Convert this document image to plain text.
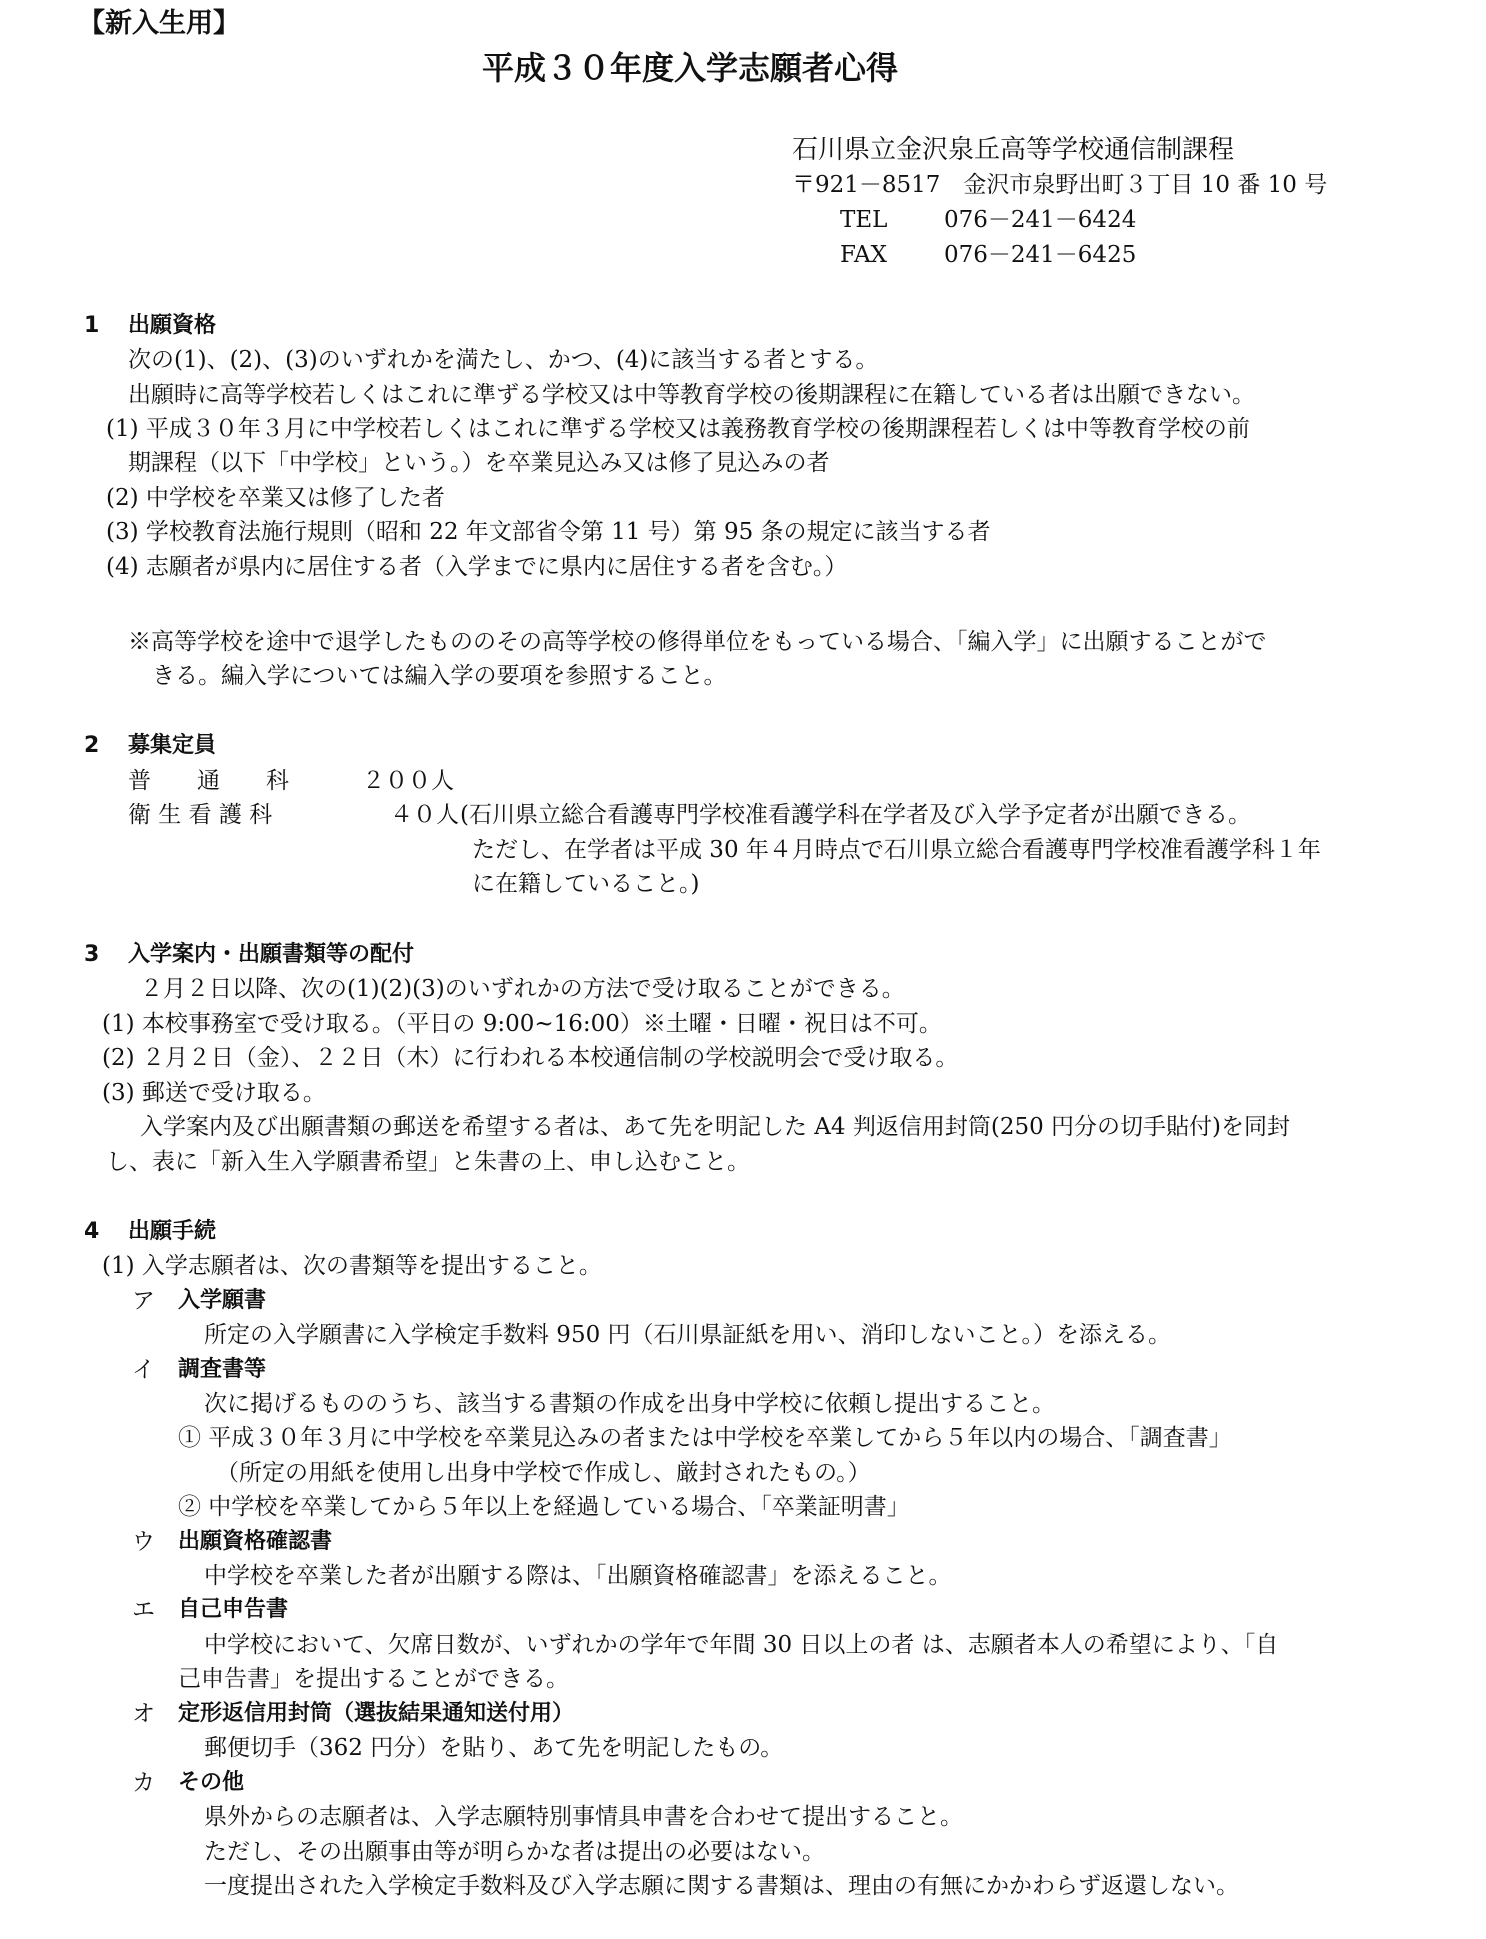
【新入生用】
平成３０年度入学志願者心得
石川県立金沢泉丘高等学校通信制課程
〒921－8517　金沢市泉野出町３丁目 10 番 10 号
TEL 076－241－6424
FAX 076－241－6425
1 出願資格
次の(1)、(2)、(3)のいずれかを満たし、かつ、(4)に該当する者とする。
出願時に高等学校若しくはこれに準ずる学校又は中等教育学校の後期課程に在籍している者は出願できない。
(1) 平成３０年３月に中学校若しくはこれに準ずる学校又は義務教育学校の後期課程若しくは中等教育学校の前
期課程（以下「中学校」という。）を卒業見込み又は修了見込みの者
(2) 中学校を卒業又は修了した者
(3) 学校教育法施行規則（昭和 22 年文部省令第 11 号）第 95 条の規定に該当する者
(4) 志願者が県内に居住する者（入学までに県内に居住する者を含む。）
※高等学校を途中で退学したもののその高等学校の修得単位をもっている場合、「編入学」に出願することがで
きる。編入学については編入学の要項を参照すること。
2 募集定員
普　　通　　科	２００人
衛 生 看 護 科	４０人 (石川県立総合看護専門学校准看護学科在学者及び入学予定者が出願できる。
ただし、在学者は平成 30 年４月時点で石川県立総合看護専門学校准看護学科１年
に在籍していること。)
3 入学案内・出願書類等の配付
２月２日以降、次の(1)(2)(3)のいずれかの方法で受け取ることができる。
(1) 本校事務室で受け取る。（平日の 9:00~16:00）※土曜・日曜・祝日は不可。
(2) ２月２日（金）、２２日（木）に行われる本校通信制の学校説明会で受け取る。
(3) 郵送で受け取る。
入学案内及び出願書類の郵送を希望する者は、あて先を明記した A4 判返信用封筒(250 円分の切手貼付)を同封
し、表に「新入生入学願書希望」と朱書の上、申し込むこと。
4 出願手続
(1) 入学志願者は、次の書類等を提出すること。
ア 入学願書
所定の入学願書に入学検定手数料 950 円（石川県証紙を用い、消印しないこと。）を添える。
イ 調査書等
次に掲げるもののうち、該当する書類の作成を出身中学校に依頼し提出すること。
① 平成３０年３月に中学校を卒業見込みの者または中学校を卒業してから５年以内の場合、「調査書」
（所定の用紙を使用し出身中学校で作成し、厳封されたもの。）
② 中学校を卒業してから５年以上を経過している場合、「卒業証明書」
ウ 出願資格確認書
中学校を卒業した者が出願する際は、「出願資格確認書」を添えること。
エ 自己申告書
中学校において、欠席日数が、いずれかの学年で年間 30 日以上の者 は、志願者本人の希望により、「自
己申告書」を提出することができる。
オ 定形返信用封筒（選抜結果通知送付用）
郵便切手（362 円分）を貼り、あて先を明記したもの。
カ その他
県外からの志願者は、入学志願特別事情具申書を合わせて提出すること。
ただし、その出願事由等が明らかな者は提出の必要はない。
一度提出された入学検定手数料及び入学志願に関する書類は、理由の有無にかかわらず返還しない。
